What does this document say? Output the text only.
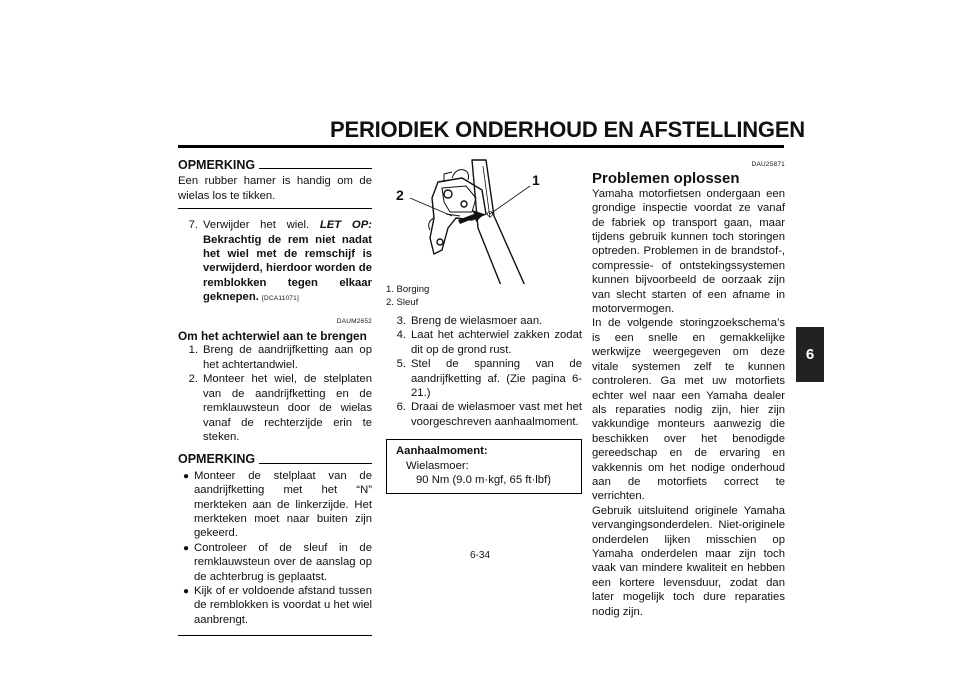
PERIODIEK ONDERHOUD EN AFSTELLINGEN
6
OPMERKING

Een rubber hamer is handig om de wielas los te tikken.

7. Verwijder het wiel. LET OP: Bekrachtig de rem niet nadat het wiel met de remschijf is verwijderd, hierdoor worden de remblokken tegen elkaar geknepen. [DCA11071]
DAUM2652
Om het achterwiel aan te brengen
1. Breng de aandrijfketting aan op het achtertandwiel.
2. Monteer het wiel, de stelplaten van de aandrijfketting en de remklauwsteun door de wielas vanaf de rechterzijde erin te steken.
OPMERKING
● Monteer de stelplaat van de aandrijfketting met het “N” merkteken aan de linkerzijde. Het merkteken moet naar buiten zijn gekeerd.
● Controleer of de sleuf in de remklauwsteun over de aanslag op de achterbrug is geplaatst.
● Kijk of er voldoende afstand tussen de remblokken is voordat u het wiel aanbrengt.
2
1
1. Borging
2. Sleuf
3. Breng de wielasmoer aan.
4. Laat het achterwiel zakken zodat dit op de grond rust.
5. Stel de spanning van de aandrijfketting af. (Zie pagina 6-21.)
6. Draai de wielasmoer vast met het voorgeschreven aanhaalmoment.
Aanhaalmoment:
Wielasmoer:
90 Nm (9.0 m·kgf, 65 ft·lbf)
DAU25871
Problemen oplossen

Yamaha motorfietsen ondergaan een grondige inspectie voordat ze vanaf de fabriek op transport gaan, maar tijdens gebruik kunnen toch storingen optreden. Problemen in de brandstof-, compressie- of ontstekingssystemen kunnen bijvoorbeeld de oorzaak zijn van slecht starten of een afname in motorvermogen.

In de volgende storingzoekschema’s is een snelle en gemakkelijke werkwijze weergegeven om deze vitale systemen zelf te kunnen controleren. Ga met uw motorfiets echter wel naar een Yamaha dealer als reparaties nodig zijn, hier zijn vakkundige monteurs aanwezig die beschikken over het benodigde gereedschap en de ervaring en vakkennis om het nodige onderhoud aan de motorfiets correct te verrichten.

Gebruik uitsluitend originele Yamaha vervangingsonderdelen. Niet-originele onderdelen lijken misschien op Yamaha onderdelen maar zijn toch vaak van mindere kwaliteit en hebben een kortere levensduur, zodat dan later mogelijk toch dure reparaties nodig zijn.

6-34
